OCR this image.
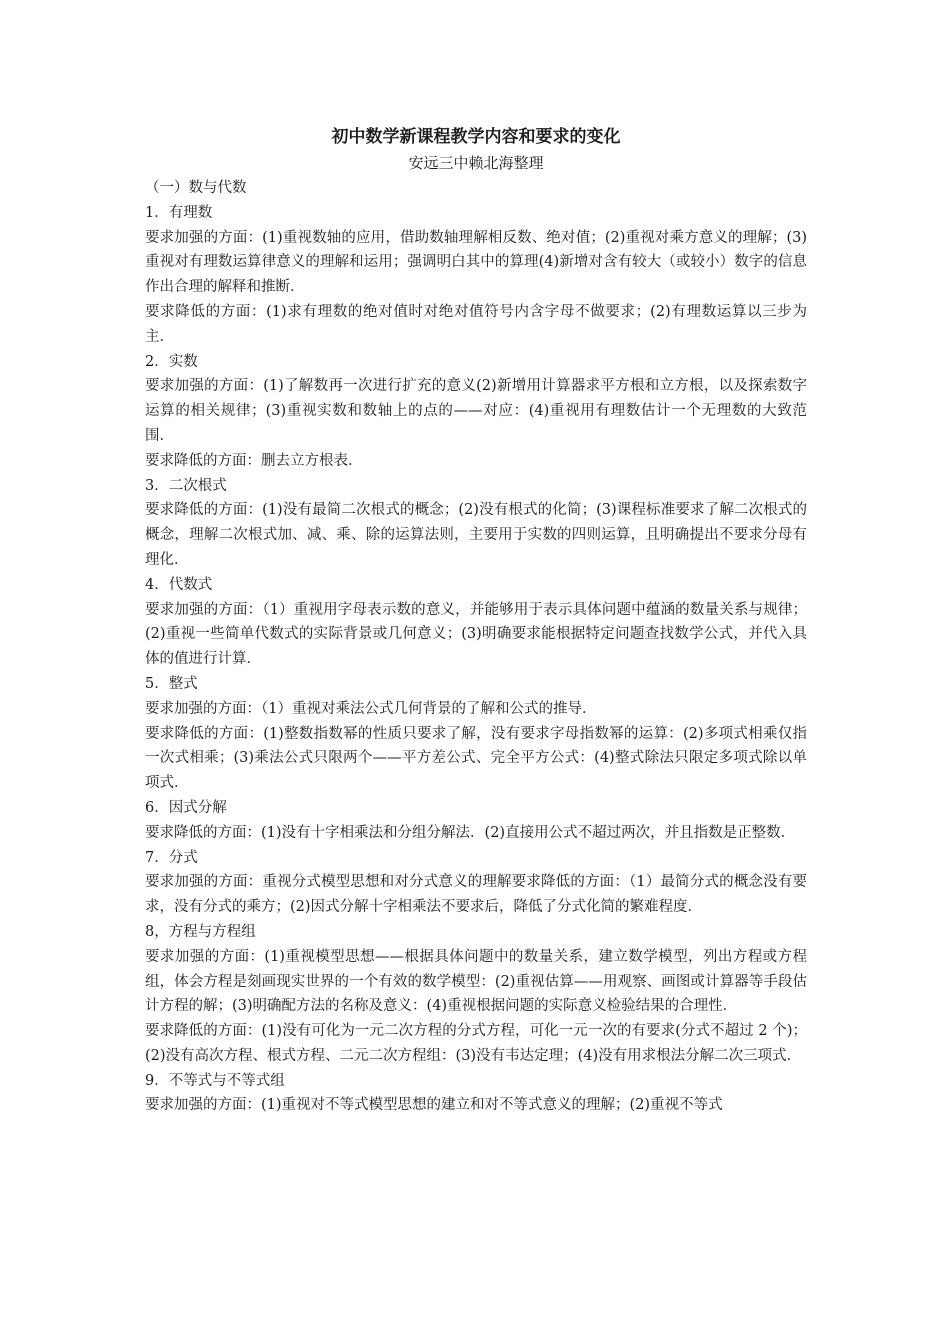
初中数学新课程教学内容和要求的变化

安远三中赖北海整理

（一）数与代数

1．有理数

要求加强的方面：(1)重视数轴的应用，借助数轴理解相反数、绝对值；(2)重视对乘方意义的理解；(3)重视对有理数运算律意义的理解和运用；强调明白其中的算理(4)新增对含有较大（或较小）数字的信息作出合理的解释和推断．

要求降低的方面：(1)求有理数的绝对值时对绝对值符号内含字母不做要求；(2)有理数运算以三步为主．

2．实数

要求加强的方面：(1)了解数再一次进行扩充的意义(2)新增用计算器求平方根和立方根，以及探索数字运算的相关规律；(3)重视实数和数轴上的点的——对应：(4)重视用有理数估计一个无理数的大致范围．

要求降低的方面：删去立方根表．

3．二次根式

要求降低的方面：(1)没有最简二次根式的概念；(2)没有根式的化简；(3)课程标准要求了解二次根式的概念，理解二次根式加、减、乘、除的运算法则，主要用于实数的四则运算，且明确提出不要求分母有理化．

4．代数式

要求加强的方面：（1）重视用字母表示数的意义，并能够用于表示具体问题中蕴涵的数量关系与规律；(2)重视一些简单代数式的实际背景或几何意义；(3)明确要求能根据特定问题查找数学公式，并代入具体的值进行计算．

5．整式

要求加强的方面：（1）重视对乘法公式几何背景的了解和公式的推导．

要求降低的方面：(1)整数指数幂的性质只要求了解，没有要求字母指数幂的运算：(2)多项式相乘仅指一次式相乘；(3)乘法公式只限两个——平方差公式、完全平方公式：(4)整式除法只限定多项式除以单项式．

6．因式分解

要求降低的方面：(1)没有十字相乘法和分组分解法．(2)直接用公式不超过两次，并且指数是正整数．

7．分式

要求加强的方面：重视分式模型思想和对分式意义的理解要求降低的方面：（1）最简分式的概念没有要求，没有分式的乘方；(2)因式分解十字相乘法不要求后，降低了分式化简的繁难程度．

8，方程与方程组

要求加强的方面：(1)重视模型思想——根据具体问题中的数量关系，建立数学模型，列出方程或方程组，体会方程是刻画现实世界的一个有效的数学模型：(2)重视估算——用观察、画图或计算器等手段估计方程的解；(3)明确配方法的名称及意义：(4)重视根据问题的实际意义检验结果的合理性．

要求降低的方面：(1)没有可化为一元二次方程的分式方程，可化一元一次的有要求(分式不超过 2 个)；(2)没有高次方程、根式方程、二元二次方程组：(3)没有韦达定理；(4)没有用求根法分解二次三项式．

9．不等式与不等式组

要求加强的方面：(1)重视对不等式模型思想的建立和对不等式意义的理解；(2)重视不等式
